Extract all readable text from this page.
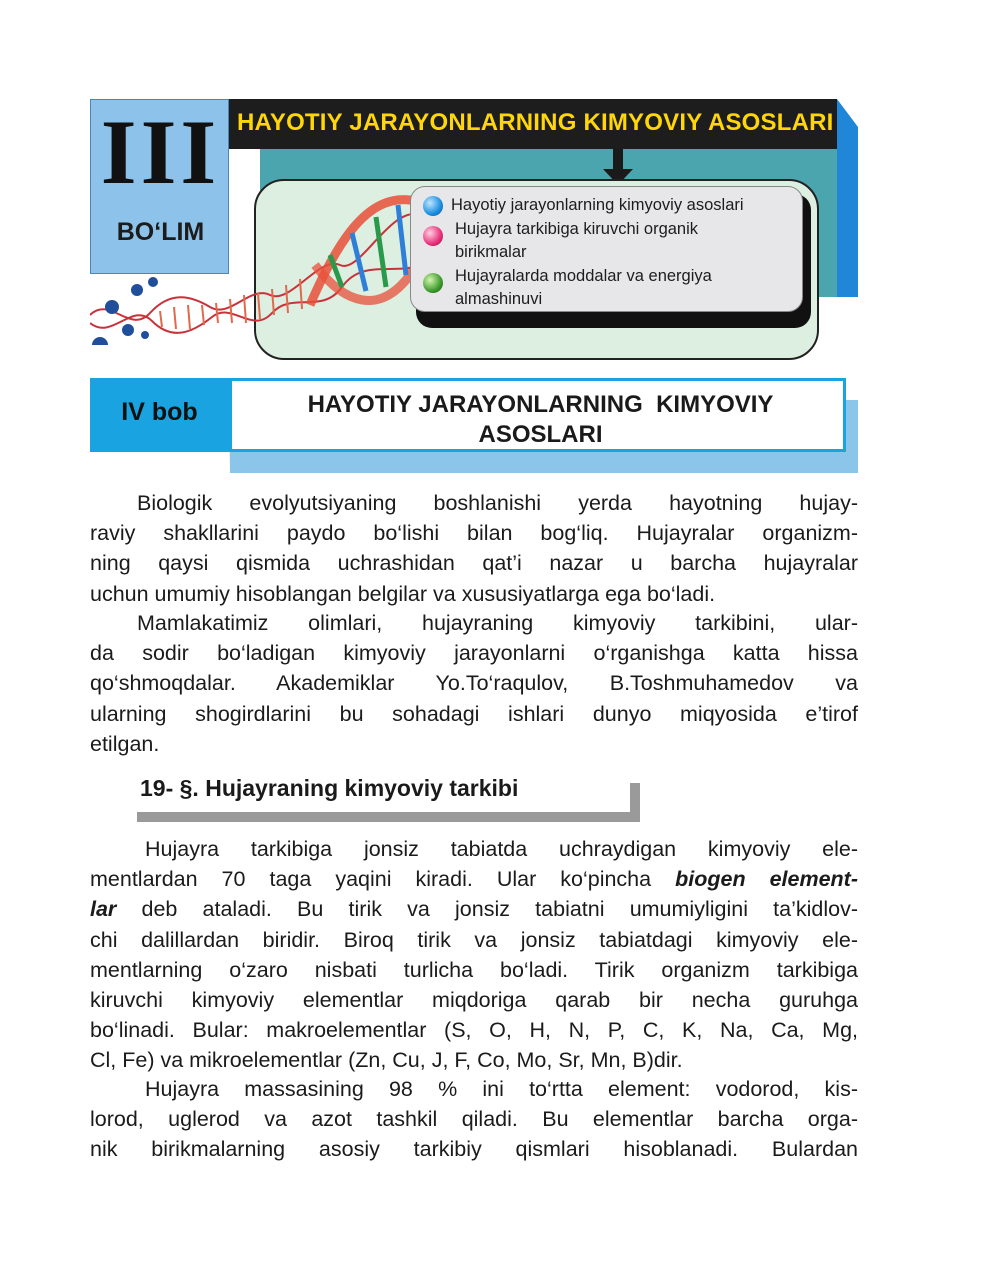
HAYOTIY JARAYONLARNING KIMYOVIY ASOSLARI
III
BO‘LIM
Hayotiy jarayonlarning kimyoviy asoslari
Hujayra tarkibiga kiruvchi organik
birikmalar
Hujayralarda moddalar va energiya
almashinuvi
IV bob	HAYOTIY JARAYONLARNING  KIMYOVIY
ASOSLARI
Biologik evolyutsiyaning boshlanishi yerda hayotning hujay-
raviy shakllarini paydo bo‘lishi bilan bog‘liq. Hujayralar organizm-
ning qaysi qismida uchrashidan qat’i nazar u barcha hujayralar
uchun umumiy hisoblangan belgilar va xususiyatlarga ega bo‘ladi.
Mamlakatimiz olimlari, hujayraning kimyoviy tarkibini, ular-
da sodir bo‘ladigan kimyoviy jarayonlarni o‘rganishga katta hissa
qo‘shmoqdalar. Akademiklar Yo.To‘raqulov, B.Toshmuhamedov va
ularning shogirdlarini bu sohadagi ishlari dunyo miqyosida e’tirof
etilgan.
19- §. Hujayraning kimyoviy tarkibi
Hujayra tarkibiga jonsiz tabiatda uchraydigan kimyoviy ele-
mentlardan 70 taga yaqini kiradi. Ular ko‘pincha biogen element-
lar deb ataladi. Bu tirik va jonsiz tabiatni umumiyligini ta’kidlov-
chi dalillardan biridir. Biroq tirik va jonsiz tabiatdagi kimyoviy ele-
mentlarning o‘zaro nisbati turlicha bo‘ladi. Tirik organizm tarkibiga
kiruvchi kimyoviy elementlar miqdoriga qarab bir necha guruhga
bo‘linadi. Bular: makroelementlar (S, O, H, N, P, C, K, Na, Ca, Mg,
Cl, Fe) va mikroelementlar (Zn, Cu, J, F, Co, Mo, Sr, Mn, B)dir.
Hujayra massasining 98 % ini to‘rtta element: vodorod, kis-
lorod, uglerod va azot tashkil qiladi. Bu elementlar barcha orga-
nik birikmalarning asosiy tarkibiy qismlari hisoblanadi. Bulardan
